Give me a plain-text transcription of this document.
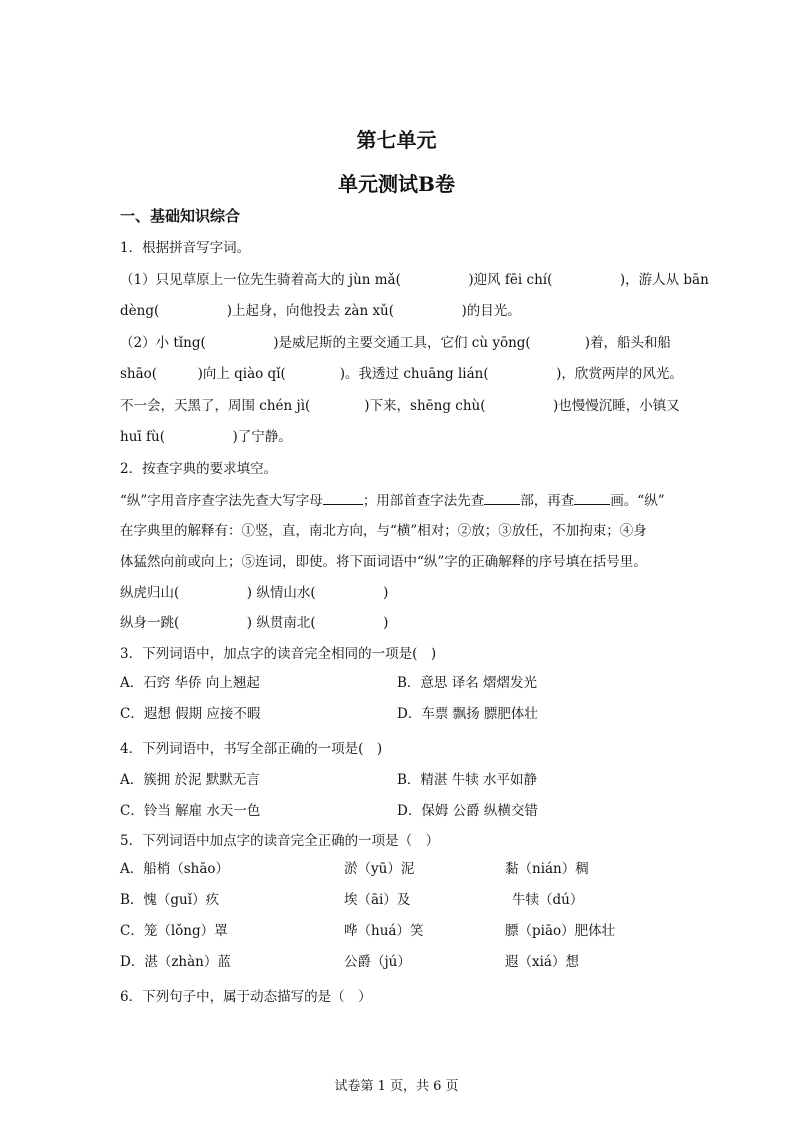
第七单元
单元测试B卷
一、基础知识综合
1．根据拼音写字词。
（1）只见草原上一位先生骑着高大的 jùn mǎ(　　　　　)迎风 fēi chí(　　　　　)，游人从 bān
dèng(　　　　　)上起身，向他投去 zàn xǔ(　　　　　)的目光。
（2）小 tǐng(　　　　　)是威尼斯的主要交通工具，它们 cù yōng(　　　　)着，船头和船
shāo(　　　)向上 qiào qǐ(　　　　)。我透过 chuāng lián(　　　　　)，欣赏两岸的风光。
不一会，天黑了，周围 chén jì(　　　　)下来，shēng chù(　　　　　)也慢慢沉睡，小镇又
huī fù(　　　　　)了宁静。
2．按查字典的要求填空。
“纵”字用音序查字法先查大写字母	；用部首查字法先查	部，再查	画。“纵”
在字典里的解释有：①竖，直，南北方向，与“横”相对；②放；③放任，不加拘束；④身
体猛然向前或向上；⑤连词，即使。将下面词语中“纵”字的正确解释的序号填在括号里。
纵虎归山(　　　　　) 纵情山水(　　　　　)
纵身一跳(　　　　　) 纵贯南北(　　　　　)
3．下列词语中，加点字的读音完全相同的一项是(　)
A．石窍 华侨 向上翘起	B．意思 译名 熠熠发光
C．遐想 假期 应接不暇	D．车票 飘扬 膘肥体壮
4．下列词语中，书写全部正确的一项是(　)
A．簇拥 於泥 默默无言	B．精湛 牛犊 水平如静
C．铃当 解雇 水天一色	D．保姆 公爵 纵横交错
5．下列词语中加点字的读音完全正确的一项是（　）
A．船梢（shāo）	淤（yū）泥	黏（nián）稠
B．愧（guǐ）疚	埃（āi）及	牛犊（dú）
C．笼（lǒng）罩	哗（huá）笑	膘（piāo）肥体壮
D．湛（zhàn）蓝	公爵（jú）	遐（xiá）想
6．下列句子中，属于动态描写的是（　）
试卷第 1 页，共 6 页
